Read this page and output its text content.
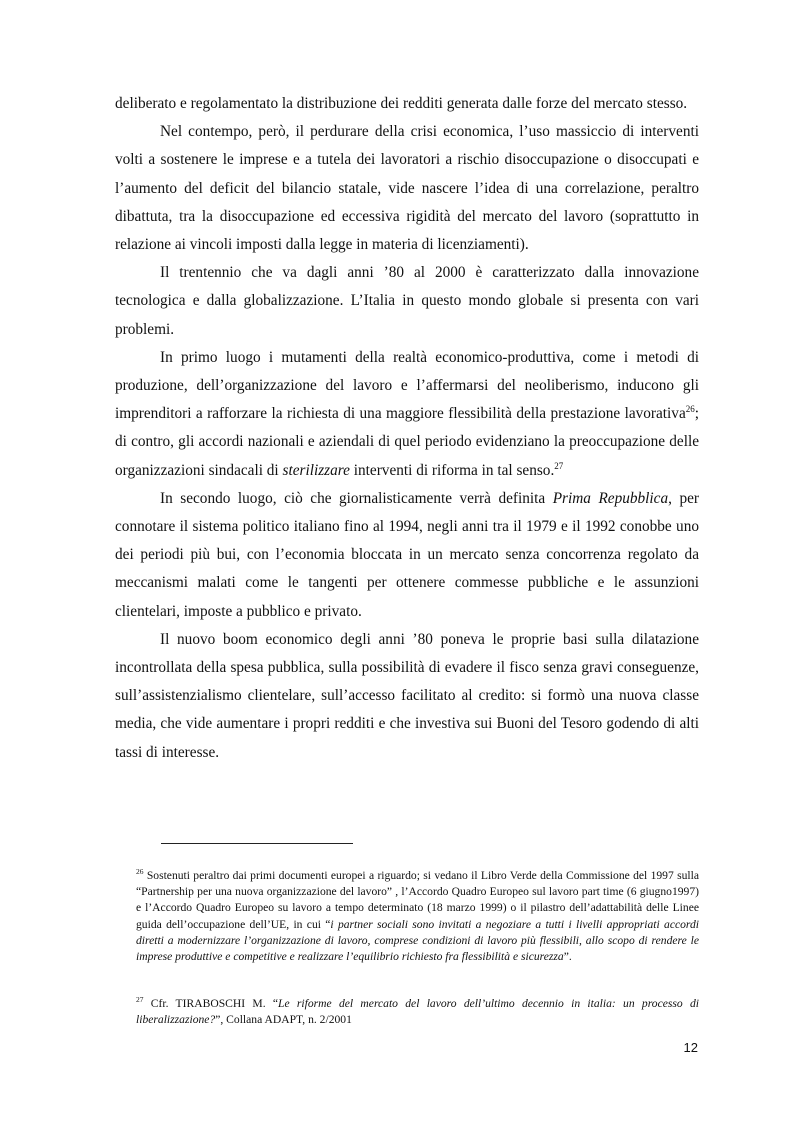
deliberato e regolamentato la distribuzione dei redditi generata dalle forze del mercato stesso.

Nel contempo, però, il perdurare della crisi economica, l’uso massiccio di interventi volti a sostenere le imprese e a tutela dei lavoratori a rischio disoccupazione o disoccupati e l’aumento del deficit del bilancio statale, vide nascere l’idea di una correlazione, peraltro dibattuta, tra la disoccupazione ed eccessiva rigidità del mercato del lavoro (soprattutto in relazione ai vincoli imposti dalla legge in materia di licenziamenti).

Il trentennio che va dagli anni ’80 al 2000 è caratterizzato dalla innovazione tecnologica e dalla globalizzazione. L’Italia in questo mondo globale si presenta con vari problemi.

In primo luogo i mutamenti della realtà economico-produttiva, come i metodi di produzione, dell’organizzazione del lavoro e l’affermarsi del neoliberismo, inducono gli imprenditori a rafforzare la richiesta di una maggiore flessibilità della prestazione lavorativa$^{26}$; di contro, gli accordi nazionali e aziendali di quel periodo evidenziano la preoccupazione delle organizzazioni sindacali di sterilizzare interventi di riforma in tal senso.$^{27}$

In secondo luogo, ciò che giornalisticamente verrà definita Prima Repubblica, per connotare il sistema politico italiano fino al 1994, negli anni tra il 1979 e il 1992 conobbe uno dei periodi più bui, con l’economia bloccata in un mercato senza concorrenza regolato da meccanismi malati come le tangenti per ottenere commesse pubbliche e le assunzioni clientelari, imposte a pubblico e privato.

Il nuovo boom economico degli anni ’80 poneva le proprie basi sulla dilatazione incontrollata della spesa pubblica, sulla possibilità di evadere il fisco senza gravi conseguenze, sull’assistenzialismo clientelare, sull’accesso facilitato al credito: si formò una nuova classe media, che vide aumentare i propri redditi e che investiva sui Buoni del Tesoro godendo di alti tassi di interesse.

$^{26}$ Sostenuti peraltro dai primi documenti europei a riguardo; si vedano il Libro Verde della Commissione del 1997 sulla “Partnership per una nuova organizzazione del lavoro” , l’Accordo Quadro Europeo sul lavoro part time (6 giugno1997) e l’Accordo Quadro Europeo su lavoro a tempo determinato (18 marzo 1999) o il pilastro dell’adattabilità delle Linee guida dell’occupazione dell’UE, in cui “i partner sociali sono invitati a negoziare a tutti i livelli appropriati accordi diretti a modernizzare l’organizzazione di lavoro, comprese condizioni di lavoro più flessibili, allo scopo di rendere le imprese produttive e competitive e realizzare l’equilibrio richiesto fra flessibilità e sicurezza”.

$^{27}$ Cfr. TIRABOSCHI M. “Le riforme del mercato del lavoro dell’ultimo decennio in italia: un processo di liberalizzazione?”, Collana ADAPT, n. 2/2001

12
